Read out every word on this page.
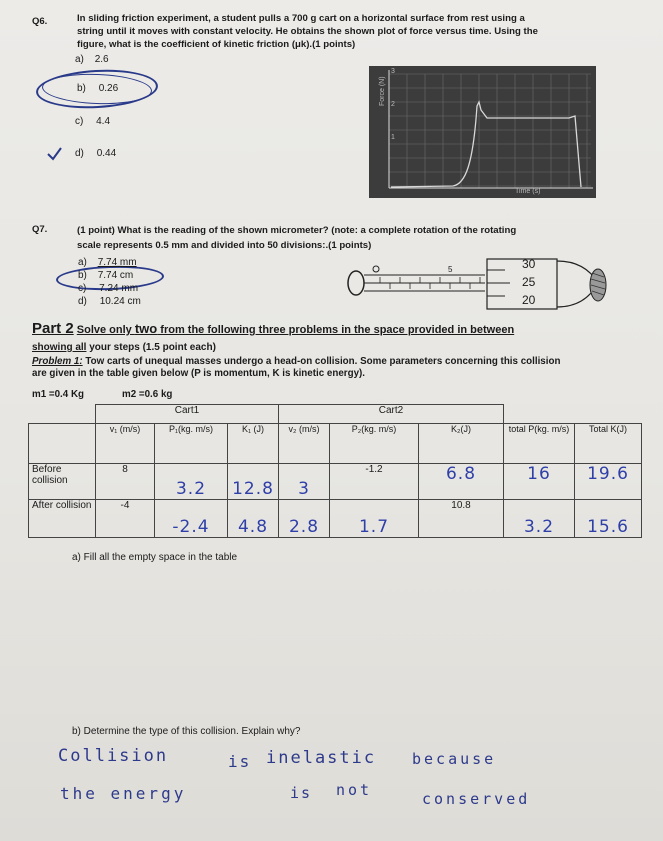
Q6.	In sliding friction experiment, a student pulls a 700 g cart on a horizontal surface from rest using a
string until it moves with constant velocity. He obtains the shown plot of force versus time. Using the
figure, what is the coefficient of kinetic friction (μk).(1 points)
a) 2.6
b) 0.26
c) 4.4
d) 0.44
Force (N)
3
2
1
Time (s)
Q7.	(1 point) What is the reading of the shown micrometer? (note: a complete rotation of the rotating
scale represents 0.5 mm and divided into 50 divisions:.(1 points)
a) 7.74 mm
b) 7.74 cm
c) 7.24 mm
d) 10.24 cm
5	30
25
20
Part 2 Solve only two from the following three problems in the space provided in between
showing all your steps (1.5 point each)
Problem 1: Tow carts of unequal masses undergo a head-on collision. Some parameters concerning this collision
are given in the table given below (P is momentum, K is kinetic energy).
m1 =0.4 Kg	m2 =0.6 kg
	Cart1			Cart2				
	v₁ (m/s)	P₁(kg. m/s)	K₁ (J)	v₂ (m/s)	P₂(kg. m/s)	K₂(J)	total P(kg. m/s)	Total K(J)
Before collision	8	3.2	12.8	3	-1.2	6.8	16	19.6
After collision	-4	-2.4	4.8	2.8	1.7	10.8	3.2	15.6
a) Fill all the empty space in the table
b) Determine the type of this collision. Explain why?
Collision	is inelastic because
the energy	is not	conserved
